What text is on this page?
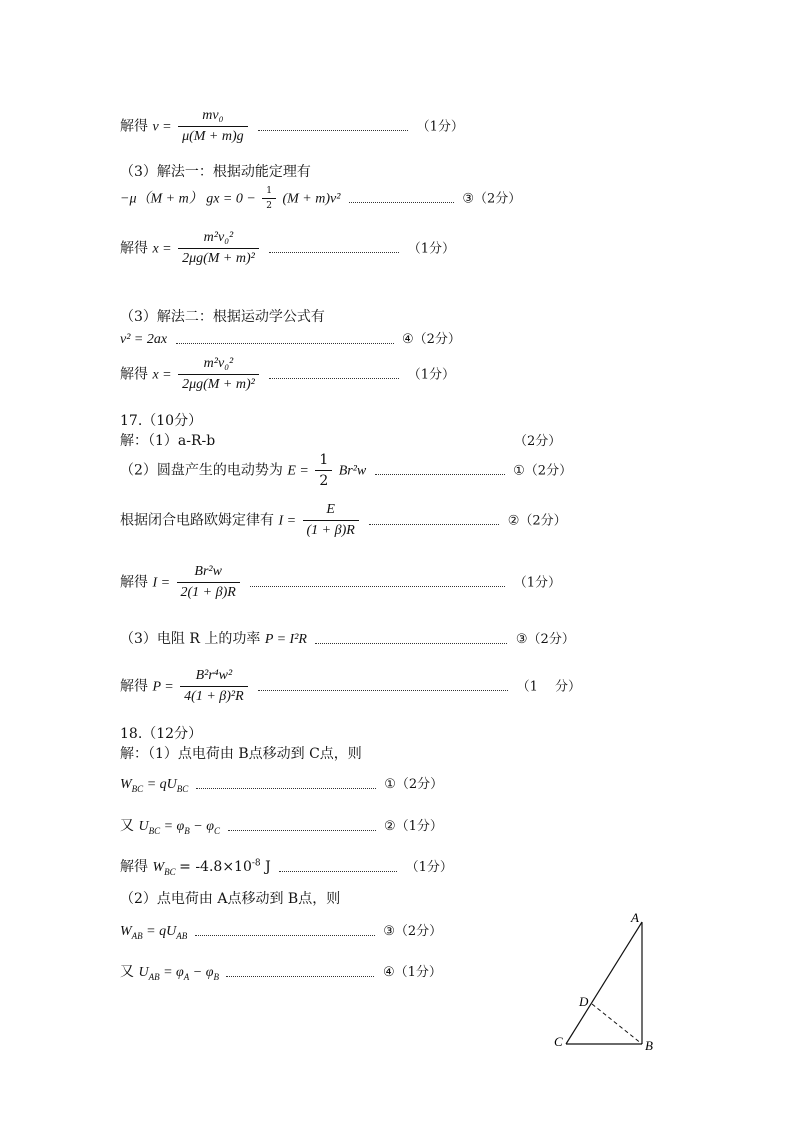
解得 $v = \frac{\text{mv₀}}{\mu(M + m)g}$	（1分）
（3）解法一：根据动能定理有
−μ（M + m） gx = $0 - \frac{1}{2} (M + m)v^2$	③（2分）
解得 $x = \frac{\text{m²v₀²}}{\text{2μg(M + m)²}}$	（1分）
（3）解法二：根据运动学公式有
v² = 2ax	④（2分）
解得 $x = \frac{\text{m²v₀²}}{\text{2μg(M + m)²}}$	（1分）
17.（10分）
解：（1）a-R-b	（2分）
（2）圆盘产生的电动势为 $E = \frac{1}{2} Br^2w$	①（2分）
根据闭合电路欧姆定律有 $I = \frac{E}{(1 + \beta)R}$	②（2分）
解得 $I = \frac{\text{Br²w}}{2(1 + \beta)R}$	（1分）
（3）电阻 R 上的功率 P = I²R	③（2分）
解得 $P = \frac{\text{B²r⁴w²}}{\text{4(1 + β)²R}}$	（1　 分）
18.（12分）
解：（1）点电荷由 B点移动到 C点，则
$W_{BC} = qU_{BC}$	①（2分）
又 $U_{BC} = \varphi_B - \varphi_C$	②（1分）
解得 $W_{BC} = -4.8\times 10^{-8}$ J	（1分）
（2）点电荷由 A点移动到 B点，则
$W_{AB} = qU_{AB}$	③（2分）
又 $U_{AB} = \varphi_A - \varphi_B$	④（1分）
A
B
C
D
